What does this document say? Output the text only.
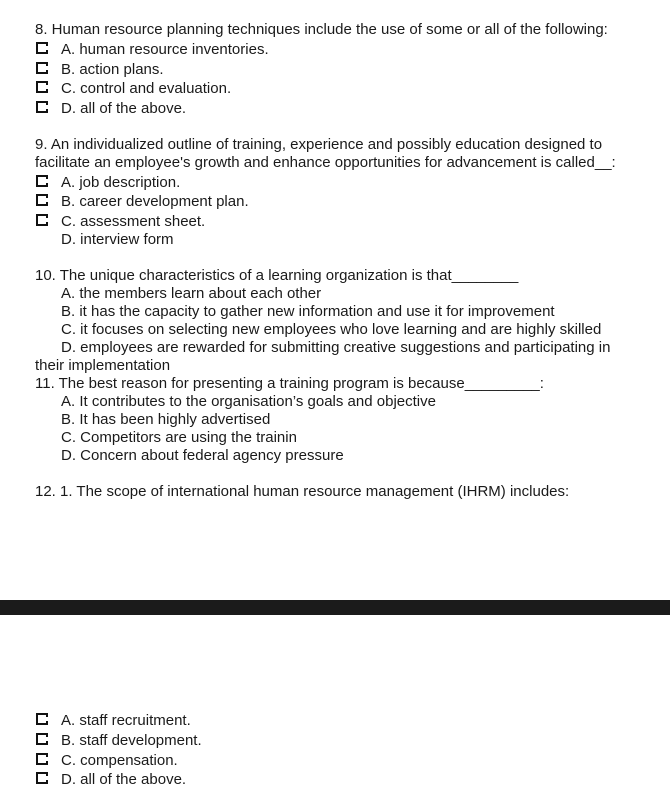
8. Human resource planning techniques include the use of some or all of the following:
A. human resource inventories.
B. action plans.
C. control and evaluation.
D. all of the above.
9. An individualized outline of training, experience and possibly education designed to
facilitate an employee's growth and enhance opportunities for advancement is called__:
A. job description.
B. career development plan.
C. assessment sheet.
D. interview form
10. The unique characteristics of a learning organization is that________
A. the members learn about each other
B. it has the capacity to gather new information and use it for improvement
C. it focuses on selecting new employees who love learning and are highly skilled
D. employees are rewarded for submitting creative suggestions and participating in
their implementation
11. The best reason for presenting a training program is because_________:
A. It contributes to the organisation’s goals and objective
B. It has been highly advertised
C. Competitors are using the trainin
D. Concern about federal agency pressure
12. 1. The scope of international human resource management (IHRM) includes:
A. staff recruitment.
B. staff development.
C. compensation.
D. all of the above.
